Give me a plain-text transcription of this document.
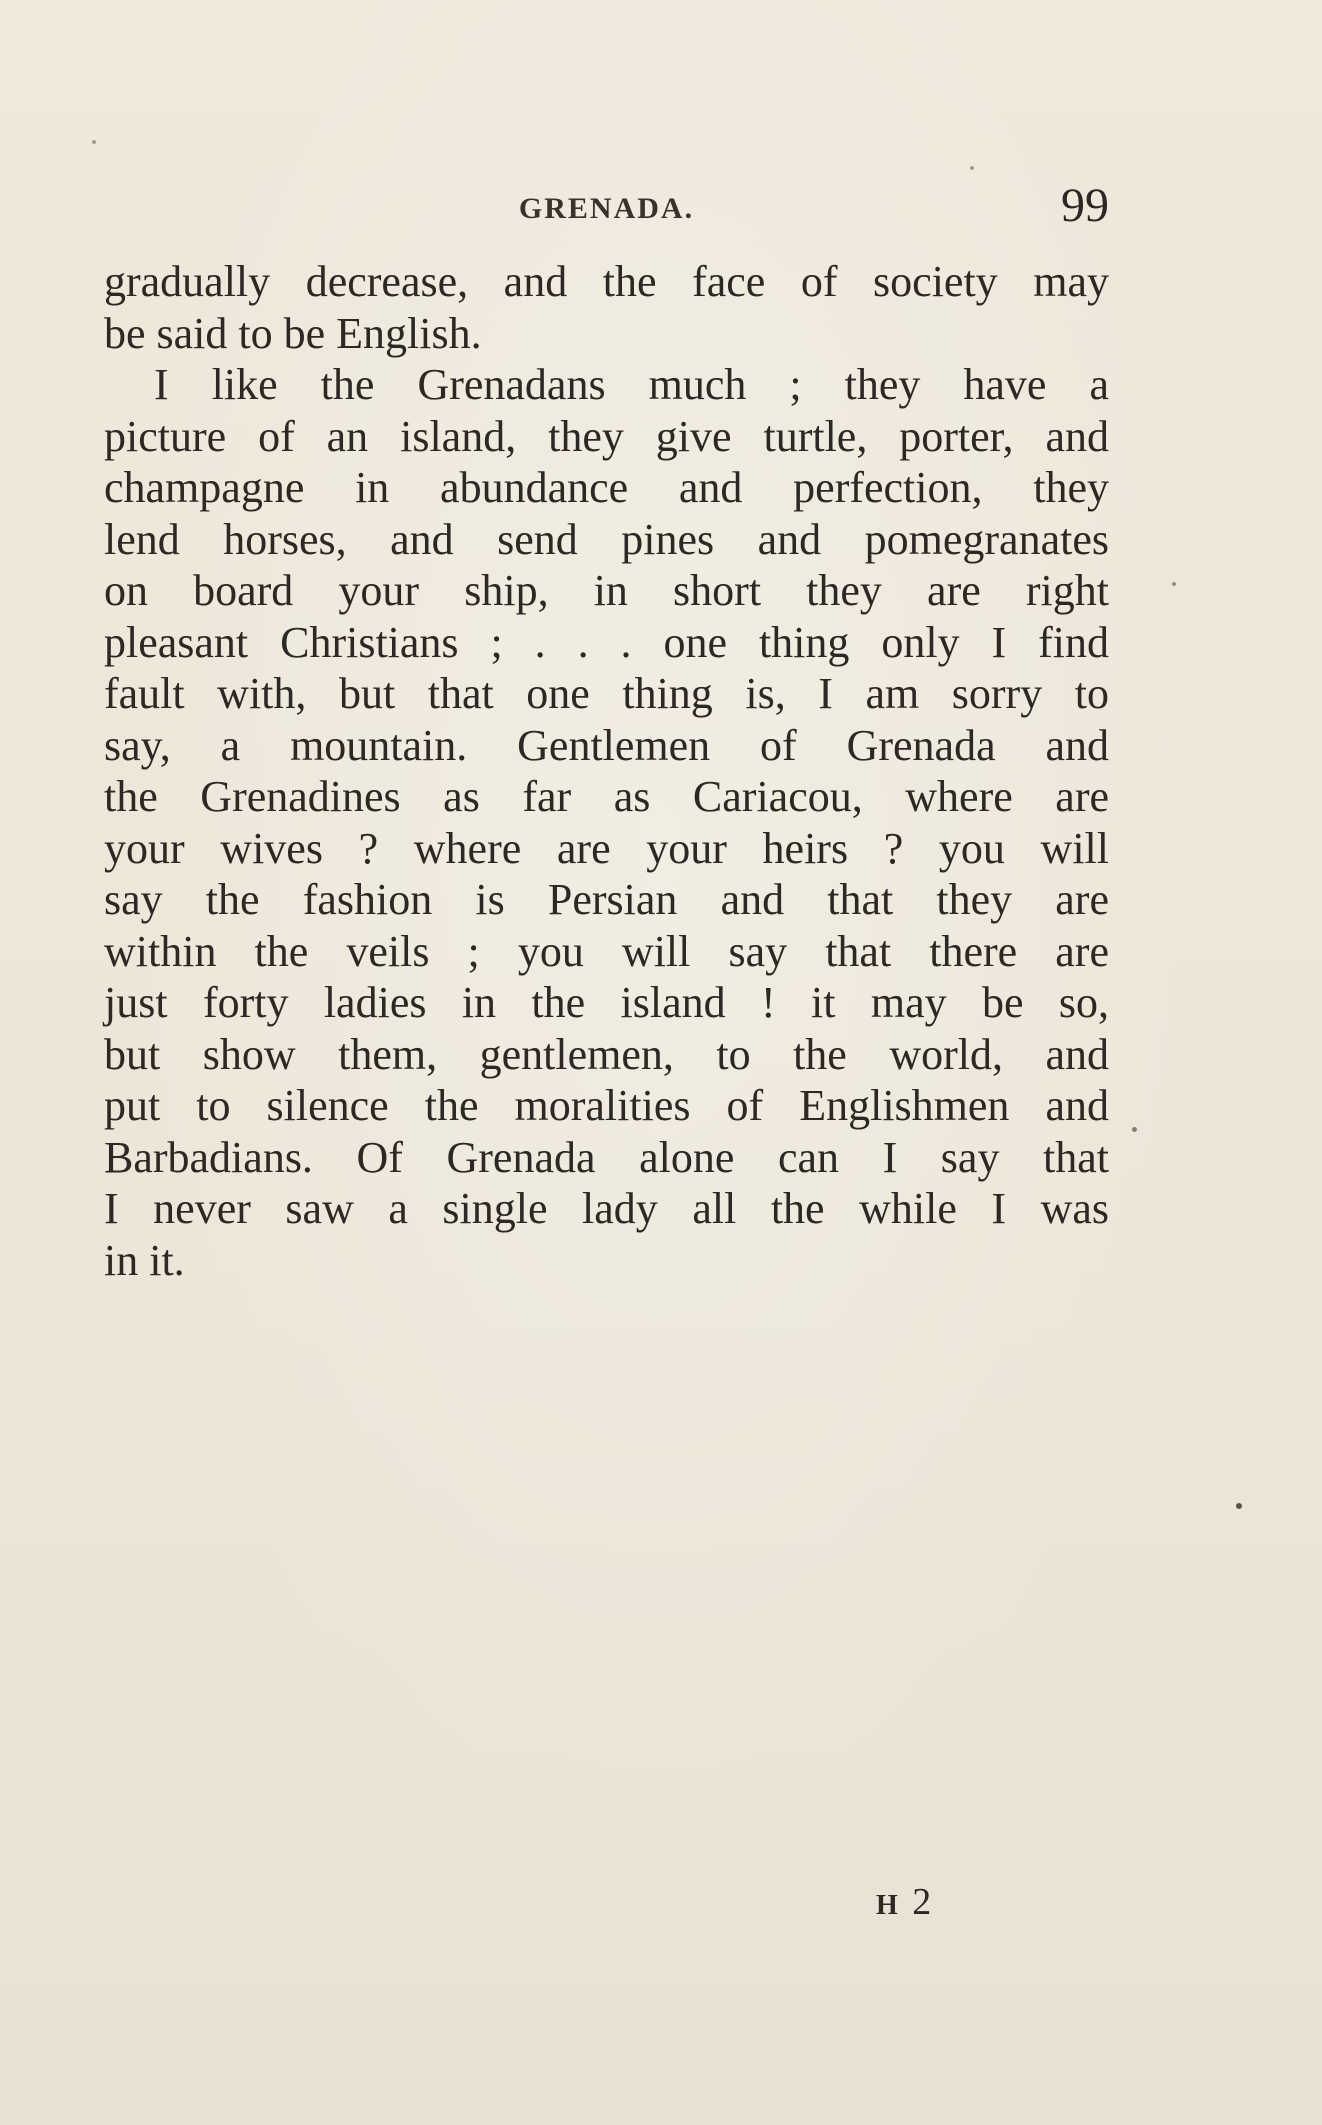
GRENADA.	99
gradually decrease, and the face of society may
be said to be English.
I like the Grenadans much ; they have a
picture of an island, they give turtle, porter, and
champagne in abundance and perfection, they
lend horses, and send pines and pomegranates
on board your ship, in short they are right
pleasant Christians ; . . . one thing only I find
fault with, but that one thing is, I am sorry to
say, a mountain. Gentlemen of Grenada and
the Grenadines as far as Cariacou, where are
your wives ? where are your heirs ? you will
say the fashion is Persian and that they are
within the veils ; you will say that there are
just forty ladies in the island ! it may be so,
but show them, gentlemen, to the world, and
put to silence the moralities of Englishmen and
Barbadians. Of Grenada alone can I say that
I never saw a single lady all the while I was
in it.
H 2
